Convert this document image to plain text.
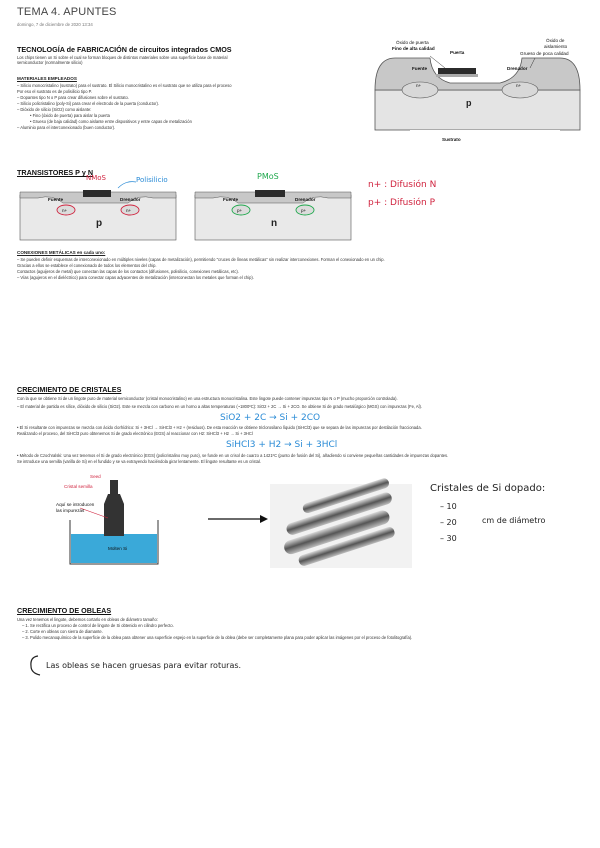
TEMA 4. APUNTES
domingo, 7 de diciembre de 2020 13:34
TECNOLOGÍA de FABRICACIÓN de circuitos integrados CMOS
Los chips tienen un Si sobre el cual se forman bloques de distintos materiales sobre una superficie base de material
semiconductor (normalmente silicio)
MATERIALES EMPLEADOS
– Silicio monocristalino (sustrato) para el sustrato. El Silicio monocristalino es el sustrato que se utiliza para el proceso
Por eso el sustrato es de polisilicio tipo P.
– Dopantes tipo N o P para crear difusiones sobre el sustrato.
– Silicio policristalino (poly-Si) para crear el electrodo de la puerta (conductor).
– Dióxido de silicio (SiO2) como aislante:
• Fino (óxido de puerta) para aislar la puerta
• Grueso (de baja calidad) como aislante entre dispositivos y entre capas de metalización
– Aluminio para el interconexionado (buen conductor).
Óxido de puerta
Fino de alta calidad
Puerta
Óxido de
aislamiento
Grueso de poca calidad
Fuente	Drenador
n+	n+
p
Sustrato
TRANSISTORES P y N
NMoS	Polisilicio
Fuente	Drenador
n+	n+
p
PMoS
Fuente	Drenador
p+	p+
n
n+ : Difusión N
p+ : Difusión P
CONEXIONES METÁLICAS en cada uno:
– Se pueden definir esquemas de interconexionado en múltiples niveles (capas de metalización), permitiendo "cruces de líneas metálicas" sin realizar interconexiones. Forman el conexionado en un chip.
Gracias a ellos se establece el conexionado de todos los elementos del chip.
Contactos (aguijeros de metal) que conectan las capas de los contactos (difusiones, polisilicio, conexiones metálicas, etc).
– Vías (agujeros en el dieléctrico) para conectar capas adyacentes de metalización (interconectan los metales que forman el chip).
CRECIMIENTO DE CRISTALES
Con la que se obtiene Si de un lingote puro de material semiconductor (cristal monocristalino) en una estructura monocristalina. Este lingote puede contener impurezas tipo N o P (mucho proporción controlada).
– El material de partida es sílice, dióxido de silicio (SiO2). Este se mezcla con carbono en un horno a altas temperaturas (~1800ºC): SiO2 + 2C → Si + 2CO. Se obtiene Si de grado metalúrgico (MGS) con impurezas (Fe, Al).
SiO2 + 2C → Si + 2CO
• El Si resultante con impurezas se mezcla con ácido clorhídrico: Si + 3HCl → SiHCl3 + H2 + (residuos). De esta reacción se obtiene triclorosilano líquido (SiHCl3) que se separa de las impurezas por destilación fraccionada.
Realizando el proceso, del SiHCl3 puro obtenemos Si de grado electrónico (EGS) al reaccionar con H2: SiHCl3 + H2 → Si + 3HCl
SiHCl3 + H2 → Si + 3HCl
• Método de Czochralski: Una vez tenemos el Si de grado electrónico (EGS) (policristalino muy puro), se funde en un crisol de cuarzo a 1421ºC (punto de fusión del Si), añadiendo si conviene pequeñas cantidades de impurezas dopantes.
Se introduce una semilla (varilla de Si) en el fundido y se va extrayendo haciéndola girar lentamente. El lingote resultante es un cristal.
Seed
Cristal semilla
Aquí se introducen
las impurezas
Molten Si
Cristales de Si dopado:
– 10
– 20
– 30
cm de diámetro
CRECIMIENTO DE OBLEAS
Una vez tenemos el lingote, debemos cortarlo en obleas de diámetro tamaño:
– 1. Se rectifica un proceso de control de lingote de Si obtenido en cilindro perfecto.
– 2. Corte en obleas con sierra de diamante.
– 3. Pulido mecanoquímico de la superficie de la oblea para obtener una superficie espejo en la superficie de la oblea (debe ser completamente plana para poder aplicar las imágenes por el proceso de fotolitografía).
Las obleas se hacen gruesas para evitar roturas.
